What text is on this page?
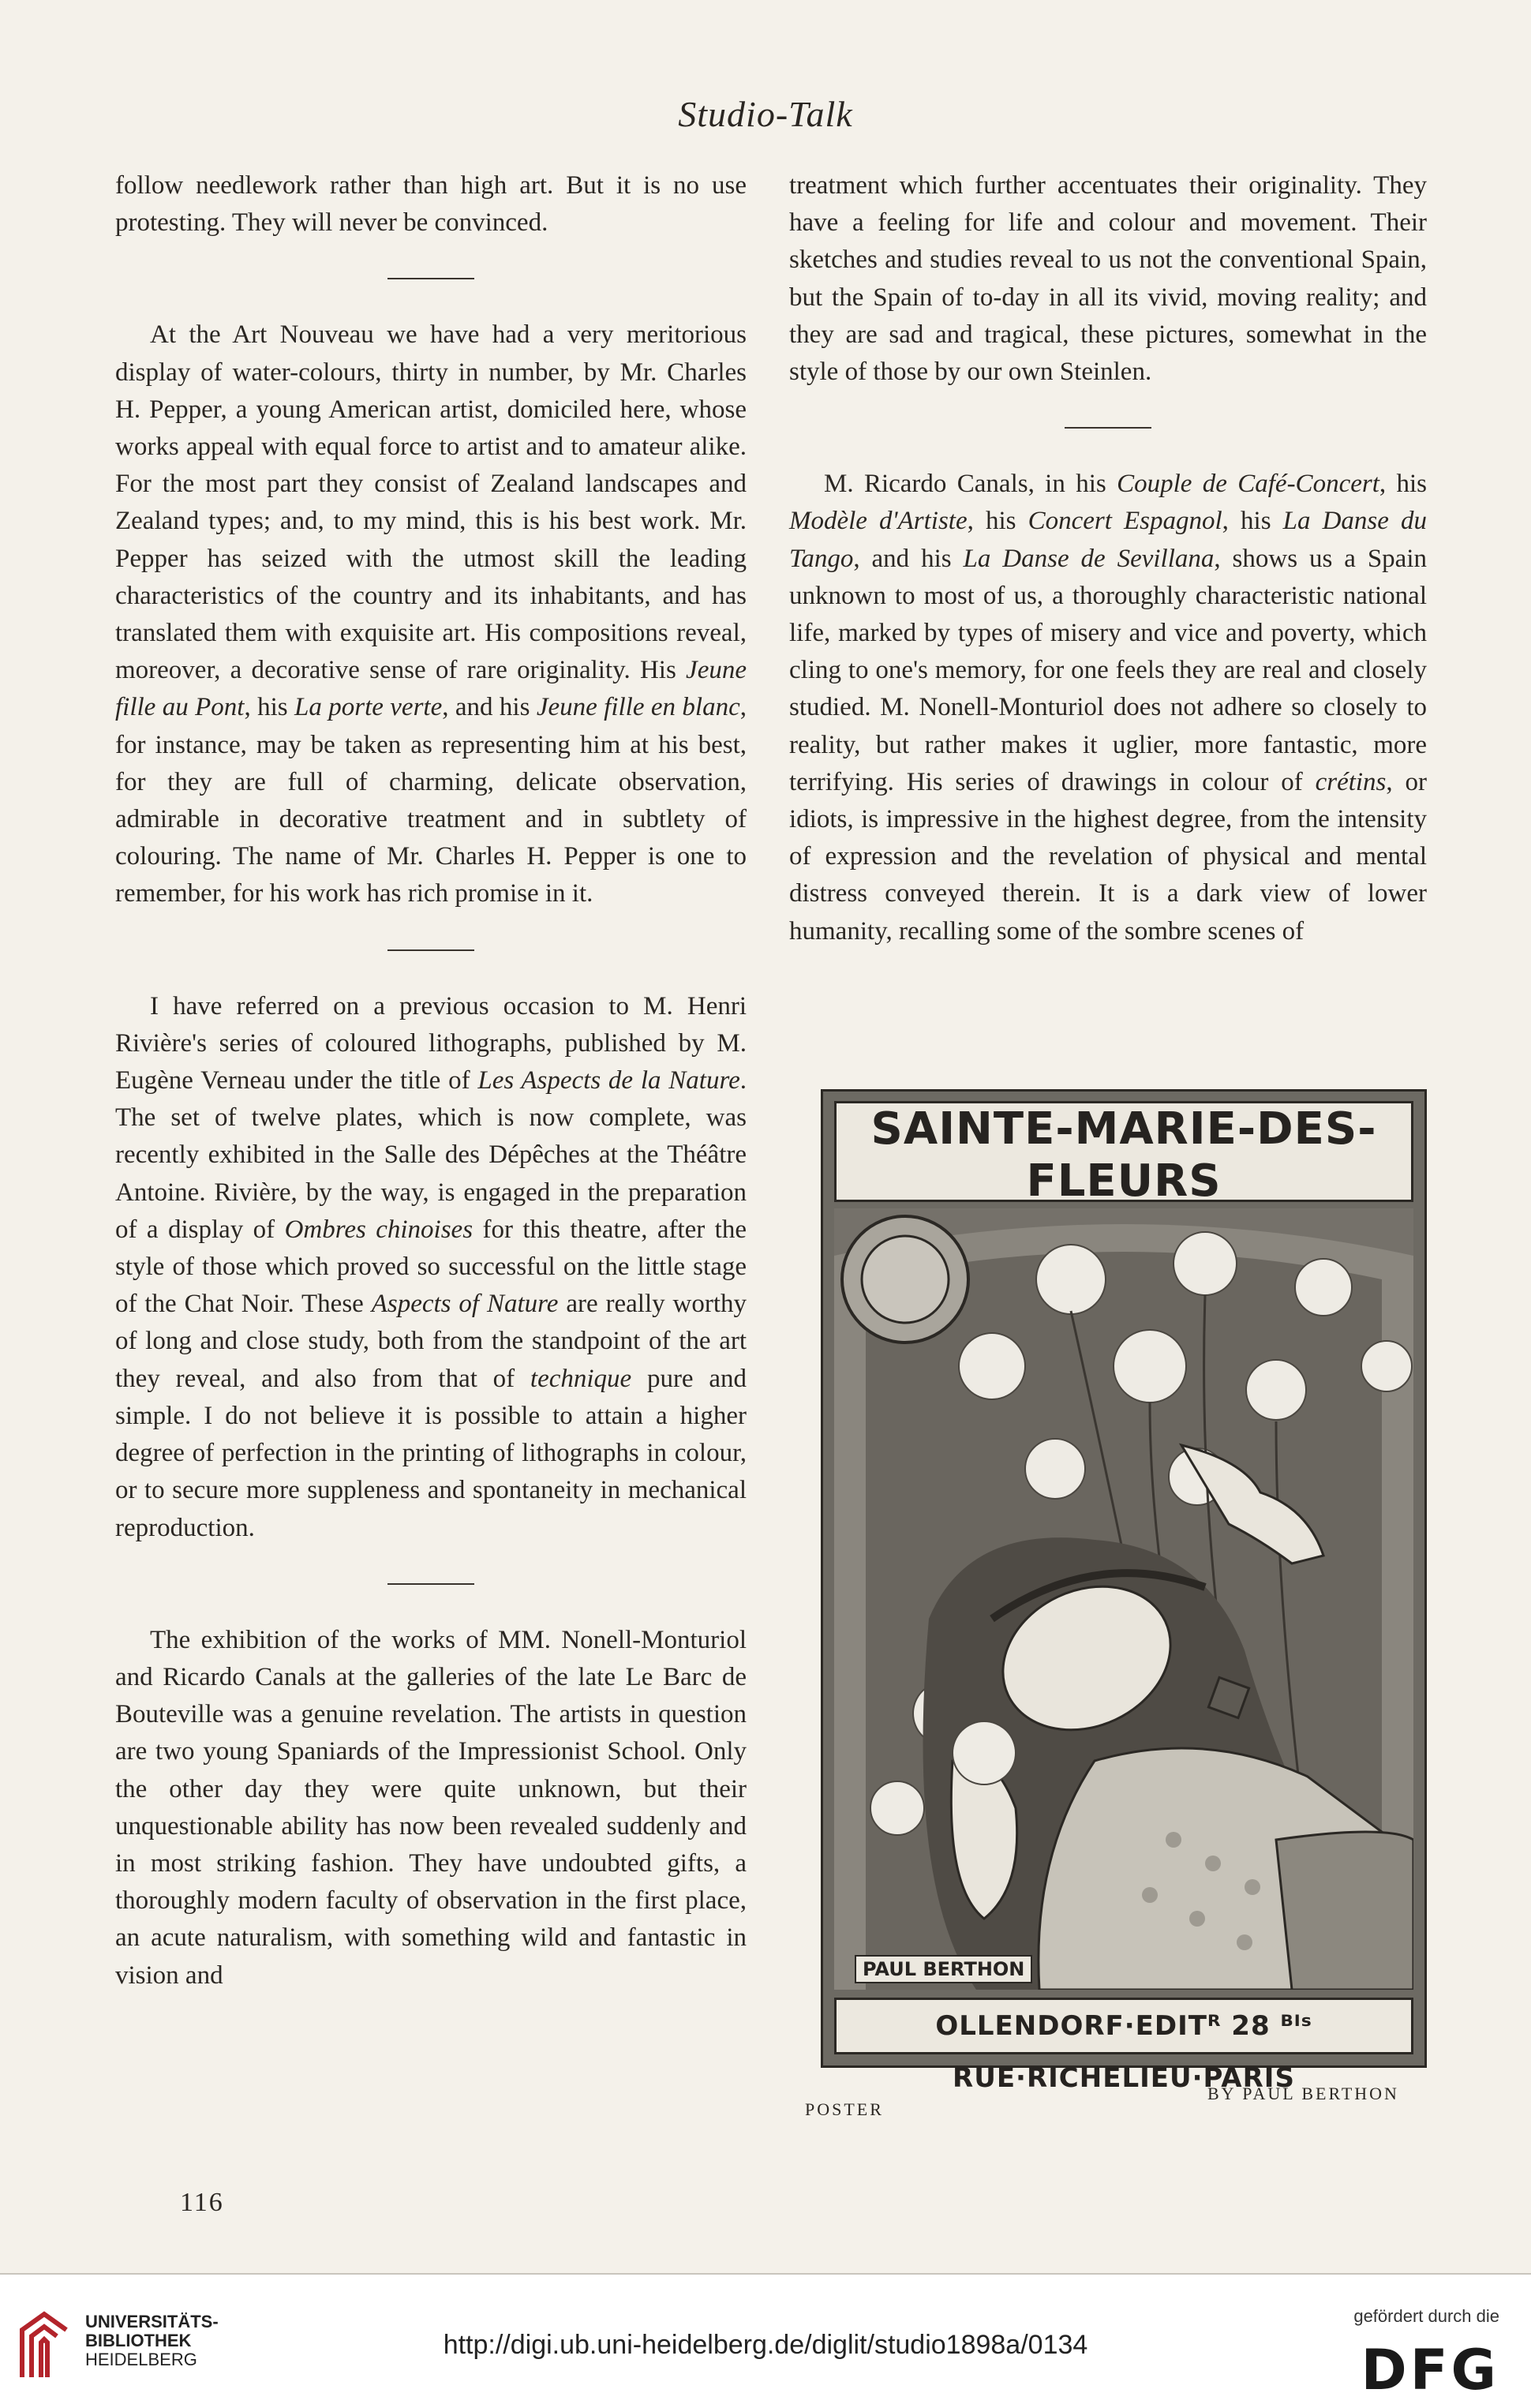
Studio-Talk

follow needlework rather than high art. But it is no use protesting. They will never be convinced.

At the Art Nouveau we have had a very meritorious display of water-colours, thirty in number, by Mr. Charles H. Pepper, a young American artist, domiciled here, whose works appeal with equal force to artist and to amateur alike. For the most part they consist of Zealand landscapes and Zealand types; and, to my mind, this is his best work. Mr. Pepper has seized with the utmost skill the leading characteristics of the country and its inhabitants, and has translated them with exquisite art. His compositions reveal, moreover, a decorative sense of rare originality. His Jeune fille au Pont, his La porte verte, and his Jeune fille en blanc, for instance, may be taken as representing him at his best, for they are full of charming, delicate observation, admirable in decorative treatment and in subtlety of colouring. The name of Mr. Charles H. Pepper is one to remember, for his work has rich promise in it.

I have referred on a previous occasion to M. Henri Rivière's series of coloured lithographs, published by M. Eugène Verneau under the title of Les Aspects de la Nature. The set of twelve plates, which is now complete, was recently exhibited in the Salle des Dépêches at the Théâtre Antoine. Rivière, by the way, is engaged in the preparation of a display of Ombres chinoises for this theatre, after the style of those which proved so successful on the little stage of the Chat Noir. These Aspects of Nature are really worthy of long and close study, both from the standpoint of the art they reveal, and also from that of technique pure and simple. I do not believe it is possible to attain a higher degree of perfection in the printing of lithographs in colour, or to secure more suppleness and spontaneity in mechanical reproduction.

The exhibition of the works of MM. Nonell-Monturiol and Ricardo Canals at the galleries of the late Le Barc de Bouteville was a genuine revelation. The artists in question are two young Spaniards of the Impressionist School. Only the other day they were quite unknown, but their unquestionable ability has now been revealed suddenly and in most striking fashion. They have undoubted gifts, a thoroughly modern faculty of observation in the first place, an acute naturalism, with something wild and fantastic in vision and

116

treatment which further accentuates their originality. They have a feeling for life and colour and movement. Their sketches and studies reveal to us not the conventional Spain, but the Spain of to-day in all its vivid, moving reality; and they are sad and tragical, these pictures, somewhat in the style of those by our own Steinlen.

M. Ricardo Canals, in his Couple de Café-Concert, his Modèle d'Artiste, his Concert Espagnol, his La Danse du Tango, and his La Danse de Sevillana, shows us a Spain unknown to most of us, a thoroughly characteristic national life, marked by types of misery and vice and poverty, which cling to one's memory, for one feels they are real and closely studied. M. Nonell-Monturiol does not adhere so closely to reality, but rather makes it uglier, more fantastic, more terrifying. His series of drawings in colour of crétins, or idiots, is impressive in the highest degree, from the intensity of expression and the revelation of physical and mental distress conveyed therein. It is a dark view of lower humanity, recalling some of the sombre scenes of

SAINTE-MARIE-DES-FLEURS
PAUL BERTHON
OLLENDORF·EDITᴿ 28 ᴮᴵˢ RUE·RICHELIEU·PARIS
POSTER
BY PAUL BERTHON
UNIVERSITÄTS-
BIBLIOTHEK
HEIDELBERG	http://digi.ub.uni-heidelberg.de/diglit/studio1898a/0134
gefördert durch die
DFG
